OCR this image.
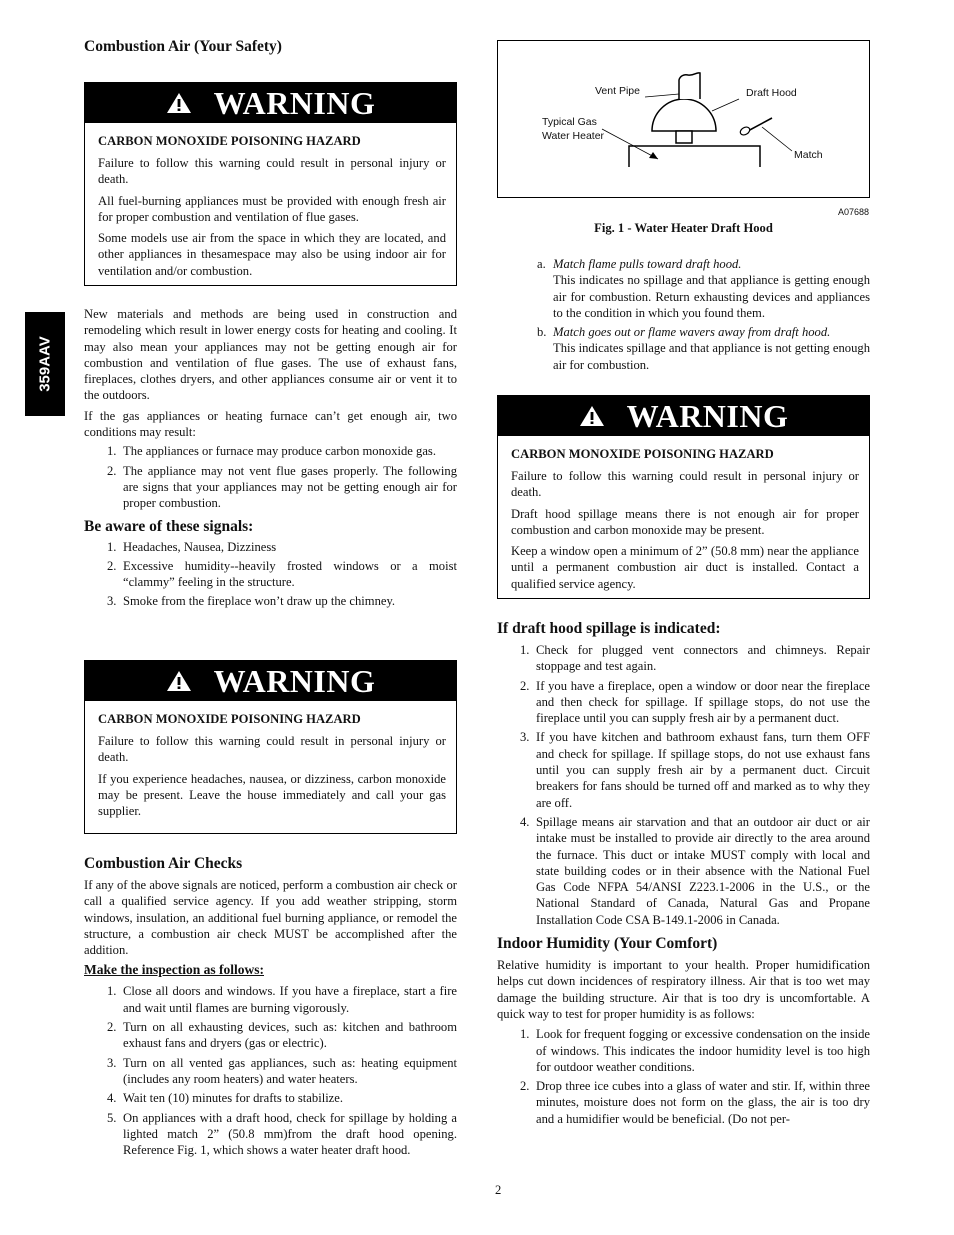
359AAV
Combustion Air (Your Safety)
WARNING
CARBON MONOXIDE POISONING HAZARD
Failure to follow this warning could result in personal injury or death.
All fuel-burning appliances must be provided with enough fresh air for proper combustion and ventilation of flue gases.
Some models use air from the space in which they are located, and other appliances in thesamespace may also be using indoor air for ventilation and/or combustion.
New materials and methods are being used in construction and remodeling which result in lower energy costs for heating and cooling. It may also mean your appliances may not be getting enough air for combustion and ventilation of flue gases. The use of exhaust fans, fireplaces, clothes dryers, and other appliances consume air or vent it to the outdoors.
If the gas appliances or heating furnace can’t get enough air, two conditions may result:
1. The appliances or furnace may produce carbon monoxide gas.
2. The appliance may not vent flue gases properly. The following are signs that your appliances may not be getting enough air for proper combustion.
Be aware of these signals:
1. Headaches, Nausea, Dizziness
2. Excessive humidity--heavily frosted windows or a moist “clammy” feeling in the structure.
3. Smoke from the fireplace won’t draw up the chimney.
WARNING
CARBON MONOXIDE POISONING HAZARD
Failure to follow this warning could result in personal injury or death.
If you experience headaches, nausea, or dizziness, carbon monoxide may be present. Leave the house immediately and call your gas supplier.
Combustion Air Checks
If any of the above signals are noticed, perform a combustion air check or call a qualified service agency. If you add weather stripping, storm windows, insulation, an additional fuel burning appliance, or remodel the structure, a combustion air check MUST be accomplished after the addition.
Make the inspection as follows:
1. Close all doors and windows. If you have a fireplace, start a fire and wait until flames are burning vigorously.
2. Turn on all exhausting devices, such as: kitchen and bathroom exhaust fans and dryers (gas or electric).
3. Turn on all vented gas appliances, such as: heating equipment (includes any room heaters) and water heaters.
4. Wait ten (10) minutes for drafts to stabilize.
5. On appliances with a draft hood, check for spillage by holding a lighted match 2” (50.8 mm)from the draft hood opening. Reference Fig. 1, which shows a water heater draft hood.
Vent Pipe	Draft Hood
Typical Gas
Water Heater
Match
A07688
Fig. 1 - Water Heater Draft Hood
a. Match flame pulls toward draft hood.
This indicates no spillage and that appliance is getting enough air for combustion. Return exhausting devices and appliances to the condition in which you found them.
b. Match goes out or flame wavers away from draft hood.
This indicates spillage and that appliance is not getting enough air for combustion.
WARNING
CARBON MONOXIDE POISONING HAZARD
Failure to follow this warning could result in personal injury or death.
Draft hood spillage means there is not enough air for proper combustion and carbon monoxide may be present.
Keep a window open a minimum of 2” (50.8 mm) near the appliance until a permanent combustion air duct is installed. Contact a qualified service agency.
If draft hood spillage is indicated:
1. Check for plugged vent connectors and chimneys. Repair stoppage and test again.
2. If you have a fireplace, open a window or door near the fireplace and then check for spillage. If spillage stops, do not use the fireplace until you can supply fresh air by a permanent duct.
3. If you have kitchen and bathroom exhaust fans, turn them OFF and check for spillage. If spillage stops, do not use exhaust fans until you can supply fresh air by a permanent duct. Circuit breakers for fans should be turned off and marked as to why they are off.
4. Spillage means air starvation and that an outdoor air duct or air intake must be installed to provide air directly to the area around the furnace. This duct or intake MUST comply with local and state building codes or in their absence with the National Fuel Gas Code NFPA 54/ANSI Z223.1-2006 in the U.S., or the National Standard of Canada, Natural Gas and Propane Installation Code CSA B-149.1-2006 in Canada.
Indoor Humidity (Your Comfort)
Relative humidity is important to your health. Proper humidification helps cut down incidences of respiratory illness. Air that is too wet may damage the building structure. Air that is too dry is uncomfortable. A quick way to test for proper humidity is as follows:
1. Look for frequent fogging or excessive condensation on the inside of windows. This indicates the indoor humidity level is too high for outdoor weather conditions.
2. Drop three ice cubes into a glass of water and stir. If, within three minutes, moisture does not form on the glass, the air is too dry and a humidifier would be beneficial. (Do not per-
2
